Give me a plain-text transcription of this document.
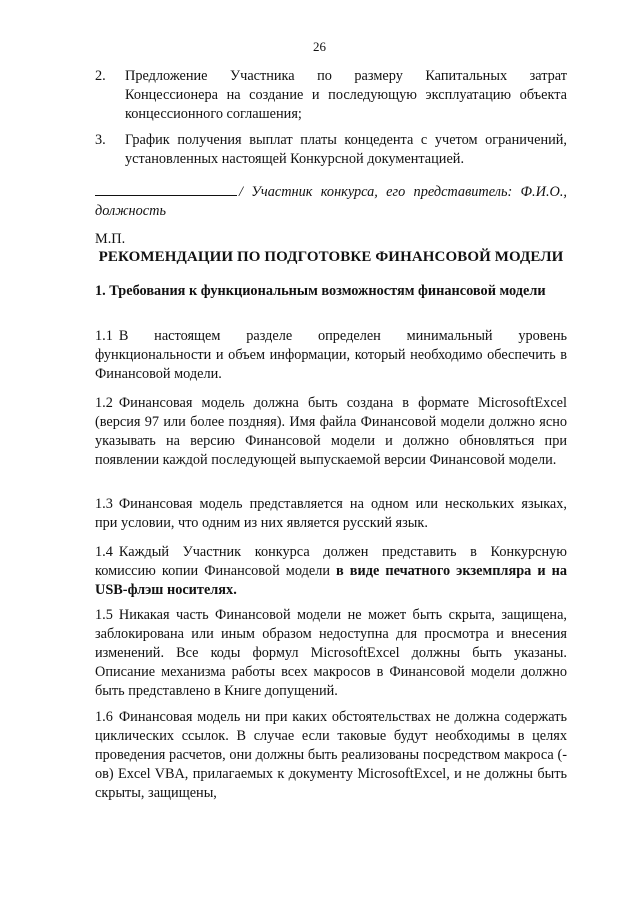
26
2. Предложение Участника по размеру Капитальных затрат Концессионера на создание и последующую эксплуатацию объекта концессионного соглашения;
3. График получения выплат платы концедента с учетом ограничений, установленных настоящей Конкурсной документацией.
/ Участник конкурса, его представитель: Ф.И.О., должность
М.П.
РЕКОМЕНДАЦИИ ПО ПОДГОТОВКЕ ФИНАНСОВОЙ МОДЕЛИ
1. Требования к функциональным возможностям финансовой модели
1.1 В настоящем разделе определен минимальный уровень функциональности и объем информации, который необходимо обеспечить в Финансовой модели.
1.2 Финансовая модель должна быть создана в формате MicrosoftExcel (версия 97 или более поздняя). Имя файла Финансовой модели должно ясно указывать на версию Финансовой модели и должно обновляться при появлении каждой последующей выпускаемой версии Финансовой модели.
1.3 Финансовая модель представляется на одном или нескольких языках, при условии, что одним из них является русский язык.
1.4 Каждый Участник конкурса должен представить в Конкурсную комиссию копии Финансовой модели в виде печатного экземпляра и на USB-флэш носителях.
1.5 Никакая часть Финансовой модели не может быть скрыта, защищена, заблокирована или иным образом недоступна для просмотра и внесения изменений. Все коды формул MicrosoftExcel должны быть указаны. Описание механизма работы всех макросов в Финансовой модели должно быть представлено в Книге допущений.
1.6 Финансовая модель ни при каких обстоятельствах не должна содержать циклических ссылок. В случае если таковые будут необходимы в целях проведения расчетов, они должны быть реализованы посредством макроса (-ов) Excel VBA, прилагаемых к документу MicrosoftExcel, и не должны быть скрыты, защищены,
